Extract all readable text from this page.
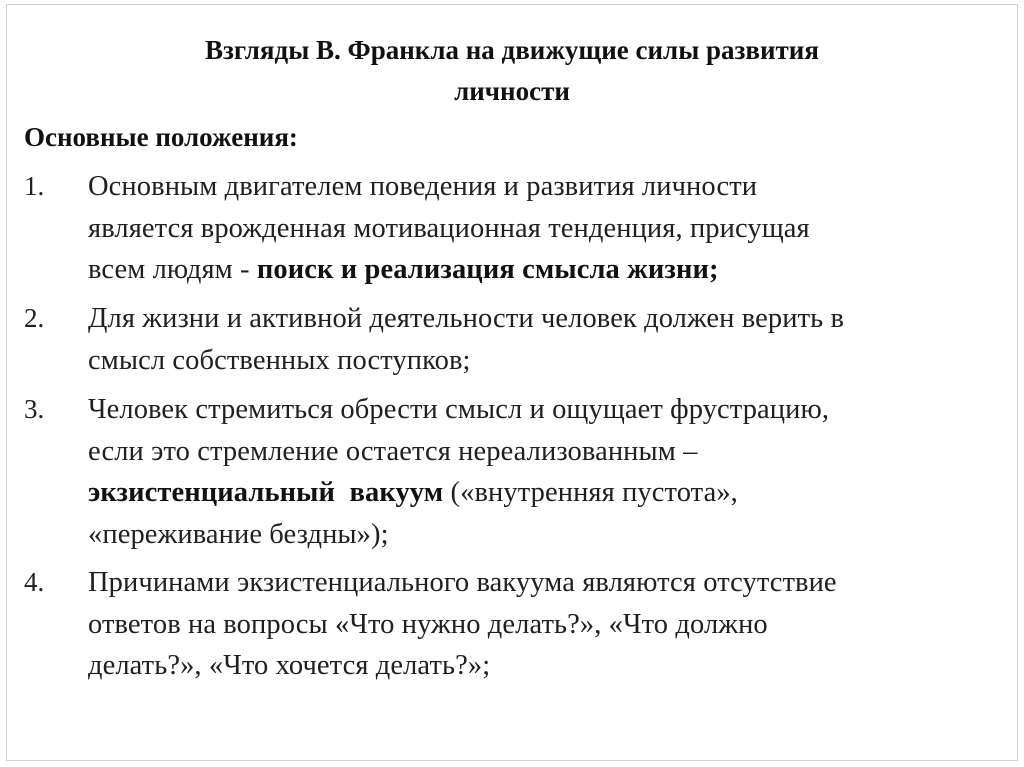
Взгляды В. Франкла на движущие силы развития
личности
Основные положения:
1. Основным двигателем поведения и развития личности
является врожденная мотивационная тенденция, присущая
всем людям - поиск и реализация смысла жизни;
2. Для жизни и активной деятельности человек должен верить в
смысл собственных поступков;
3. Человек стремиться обрести смысл и ощущает фрустрацию,
если это стремление остается нереализованным –
экзистенциальный  вакуум («внутренняя пустота»,
«переживание бездны»);
4. Причинами экзистенциального вакуума являются отсутствие
ответов на вопросы «Что нужно делать?», «Что должно
делать?», «Что хочется делать?»;
